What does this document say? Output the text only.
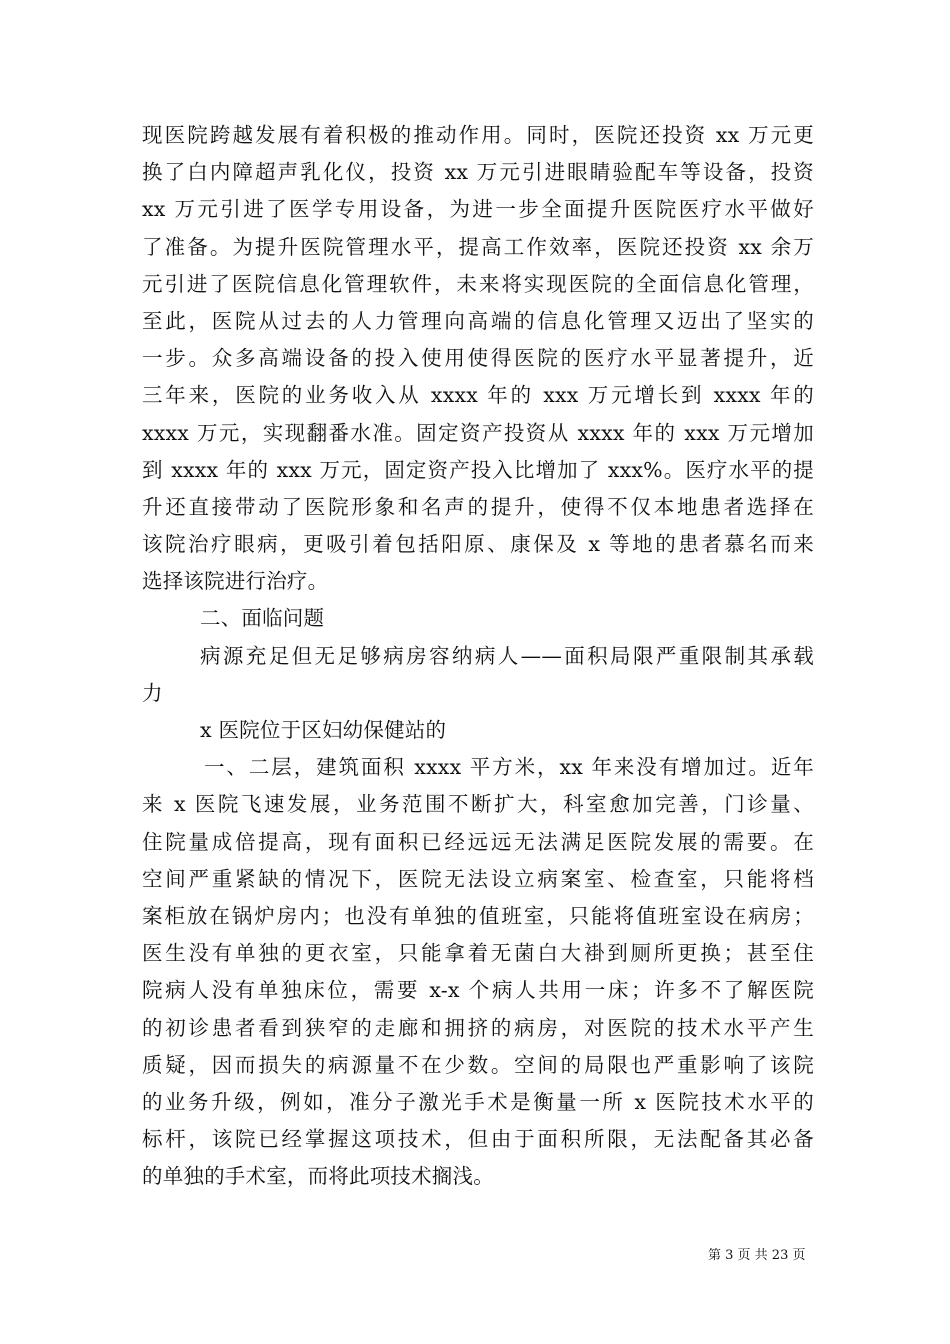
现医院跨越发展有着积极的推动作用。同时，医院还投资 xx 万元更
换了白内障超声乳化仪，投资 xx 万元引进眼睛验配车等设备，投资
xx 万元引进了医学专用设备，为进一步全面提升医院医疗水平做好
了准备。为提升医院管理水平，提高工作效率，医院还投资 xx 余万
元引进了医院信息化管理软件，未来将实现医院的全面信息化管理，
至此，医院从过去的人力管理向高端的信息化管理又迈出了坚实的
一步。众多高端设备的投入使用使得医院的医疗水平显著提升，近
三年来，医院的业务收入从 xxxx 年的 xxx 万元增长到 xxxx 年的
xxxx 万元，实现翻番水准。固定资产投资从 xxxx 年的 xxx 万元增加
到 xxxx 年的 xxx 万元，固定资产投入比增加了 xxx%。医疗水平的提
升还直接带动了医院形象和名声的提升，使得不仅本地患者选择在
该院治疗眼病，更吸引着包括阳原、康保及 x 等地的患者慕名而来
选择该院进行治疗。
二、面临问题
病源充足但无足够病房容纳病人——面积局限严重限制其承载
力
x 医院位于区妇幼保健站的
一、二层，建筑面积 xxxx 平方米，xx 年来没有增加过。近年
来 x 医院飞速发展，业务范围不断扩大，科室愈加完善，门诊量、
住院量成倍提高，现有面积已经远远无法满足医院发展的需要。在
空间严重紧缺的情况下，医院无法设立病案室、检查室，只能将档
案柜放在锅炉房内；也没有单独的值班室，只能将值班室设在病房；
医生没有单独的更衣室，只能拿着无菌白大褂到厕所更换；甚至住
院病人没有单独床位，需要 x-x 个病人共用一床；许多不了解医院
的初诊患者看到狭窄的走廊和拥挤的病房，对医院的技术水平产生
质疑，因而损失的病源量不在少数。空间的局限也严重影响了该院
的业务升级，例如，准分子激光手术是衡量一所 x 医院技术水平的
标杆，该院已经掌握这项技术，但由于面积所限，无法配备其必备
的单独的手术室，而将此项技术搁浅。
第 3 页 共 23 页
